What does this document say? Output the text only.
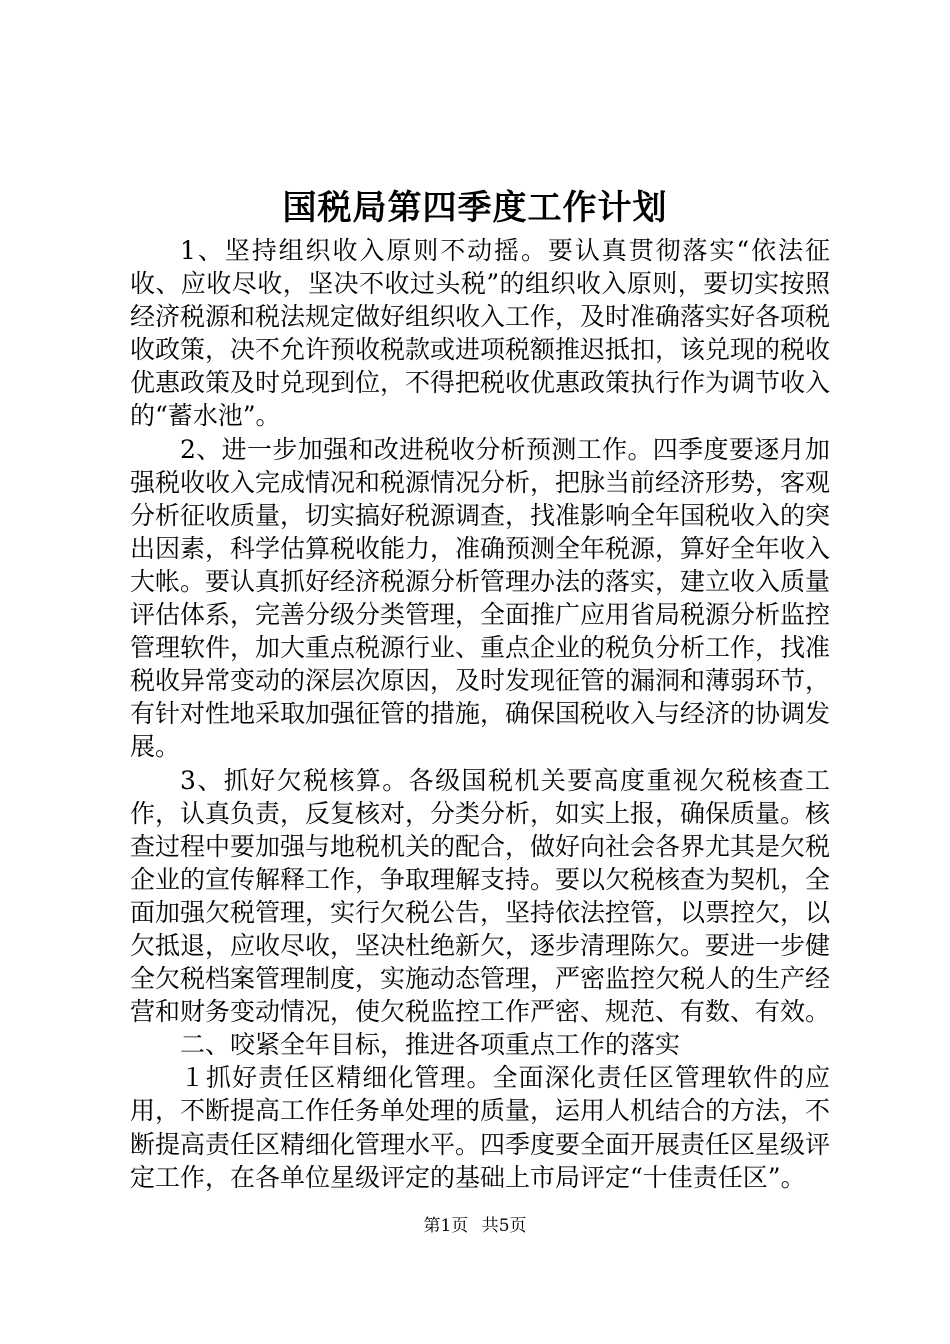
国税局第四季度工作计划

1、坚持组织收入原则不动摇。要认真贯彻落实“依法征收、应收尽收，坚决不收过头税”的组织收入原则，要切实按照经济税源和税法规定做好组织收入工作，及时准确落实好各项税收政策，决不允许预收税款或进项税额推迟抵扣，该兑现的税收优惠政策及时兑现到位，不得把税收优惠政策执行作为调节收入的“蓄水池”。

2、进一步加强和改进税收分析预测工作。四季度要逐月加强税收收入完成情况和税源情况分析，把脉当前经济形势，客观分析征收质量，切实搞好税源调查，找准影响全年国税收入的突出因素，科学估算税收能力，准确预测全年税源，算好全年收入大帐。要认真抓好经济税源分析管理办法的落实，建立收入质量评估体系，完善分级分类管理，全面推广应用省局税源分析监控管理软件，加大重点税源行业、重点企业的税负分析工作，找准税收异常变动的深层次原因，及时发现征管的漏洞和薄弱环节，有针对性地采取加强征管的措施，确保国税收入与经济的协调发展。

3、抓好欠税核算。各级国税机关要高度重视欠税核查工作，认真负责，反复核对，分类分析，如实上报，确保质量。核查过程中要加强与地税机关的配合，做好向社会各界尤其是欠税企业的宣传解释工作，争取理解支持。要以欠税核查为契机，全面加强欠税管理，实行欠税公告，坚持依法控管，以票控欠，以欠抵退，应收尽收，坚决杜绝新欠，逐步清理陈欠。要进一步健全欠税档案管理制度，实施动态管理，严密监控欠税人的生产经营和财务变动情况，使欠税监控工作严密、规范、有数、有效。

二、咬紧全年目标，推进各项重点工作的落实

１抓好责任区精细化管理。全面深化责任区管理软件的应用，不断提高工作任务单处理的质量，运用人机结合的方法，不断提高责任区精细化管理水平。四季度要全面开展责任区星级评定工作，在各单位星级评定的基础上市局评定“十佳责任区”。

第1页 共5页
